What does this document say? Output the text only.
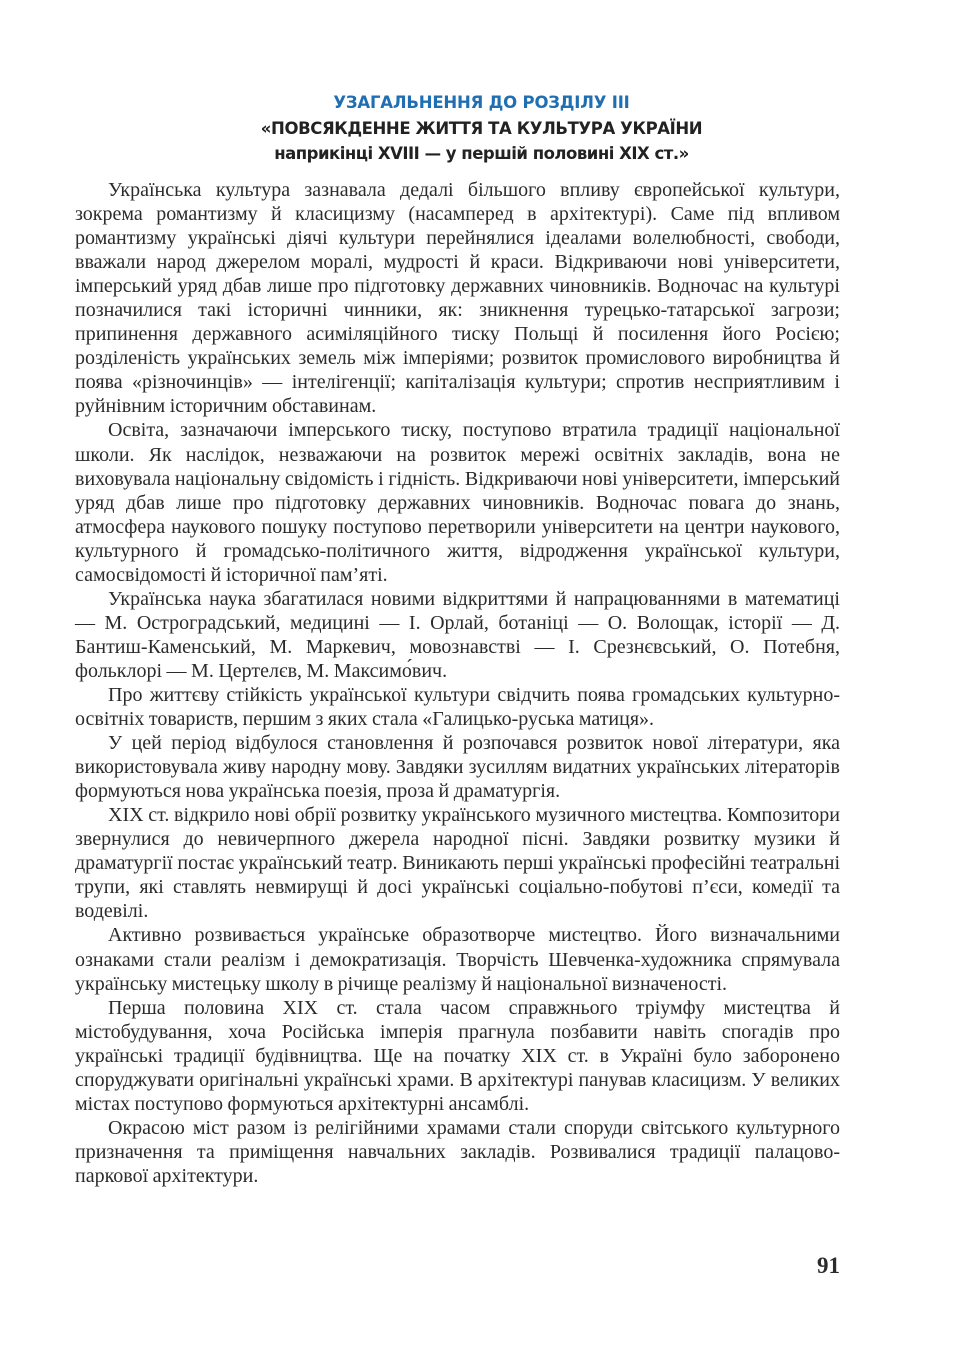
УЗАГАЛЬНЕННЯ ДО РОЗДІЛУ III
«ПОВСЯКДЕННЕ ЖИТТЯ ТА КУЛЬТУРА УКРАЇНИ
наприкінці XVIII — у першій половині XIX ст.»

Українська культура зазнавала дедалі більшого впливу європейської культури, зокрема романтизму й класицизму (насамперед в архітектурі). Саме під впливом романтизму українські діячі культури перейнялися ідеалами волелюбності, свободи, вважали народ джерелом моралі, мудрості й краси. Відкриваючи нові університети, імперський уряд дбав лише про підготовку державних чиновників. Водночас на культурі позначилися такі історичні чинники, як: зникнення турецько-татарської загрози; припинення державного асиміляційного тиску Польщі й посилення його Росією; розділеність українських земель між імперіями; розвиток промислового виробництва й поява «різночинців» — інтелігенції; капіталізація культури; спротив несприятливим і руйнівним історичним обставинам.

Освіта, зазначаючи імперського тиску, поступово втратила традиції національної школи. Як наслідок, незважаючи на розвиток мережі освітніх закладів, вона не виховувала національну свідомість і гідність. Відкриваючи нові університети, імперський уряд дбав лише про підготовку державних чиновників. Водночас повага до знань, атмосфера наукового пошуку поступово перетворили університети на центри наукового, культурного й громадсько-політичного життя, відродження української культури, самосвідомості й історичної пам’яті.

Українська наука збагатилася новими відкриттями й напрацюваннями в математиці — М. Остроградський, медицині — І. Орлай, ботаніці — О. Волощак, історії — Д. Бантиш-Каменський, М. Маркевич, мовознавстві — І. Срезнєвський, О. Потебня, фольклорі — М. Цертелєв, М. Максимо́вич.

Про життєву стійкість української культури свідчить поява громадських культурно-освітніх товариств, першим з яких стала «Галицько-руська матиця».

У цей період відбулося становлення й розпочався розвиток нової літератури, яка використовувала живу народну мову. Завдяки зусиллям видатних українських літераторів формуються нова українська поезія, проза й драматургія.

XIX ст. відкрило нові обрії розвитку українського музичного мистецтва. Композитори звернулися до невичерпного джерела народної пісні. Завдяки розвитку музики й драматургії постає український театр. Виникають перші українські професійні театральні трупи, які ставлять невмирущі й досі українські соціально-побутові п’єси, комедії та водевілі.

Активно розвивається українське образотворче мистецтво. Його визначальними ознаками стали реалізм і демократизація. Творчість Шевченка-художника спрямувала українську мистецьку школу в річище реалізму й національної визначеності.

Перша половина XIX ст. стала часом справжнього тріумфу мистецтва й містобудування, хоча Російська імперія прагнула позбавити навіть спогадів про українські традиції будівництва. Ще на початку XIX ст. в Україні було заборонено споруджувати оригінальні українські храми. В архітектурі панував класицизм. У великих містах поступово формуються архітектурні ансамблі.

Окрасою міст разом із релігійними храмами стали споруди світського культурного призначення та приміщення навчальних закладів. Розвивалися традиції палацово-паркової архітектури.

91
